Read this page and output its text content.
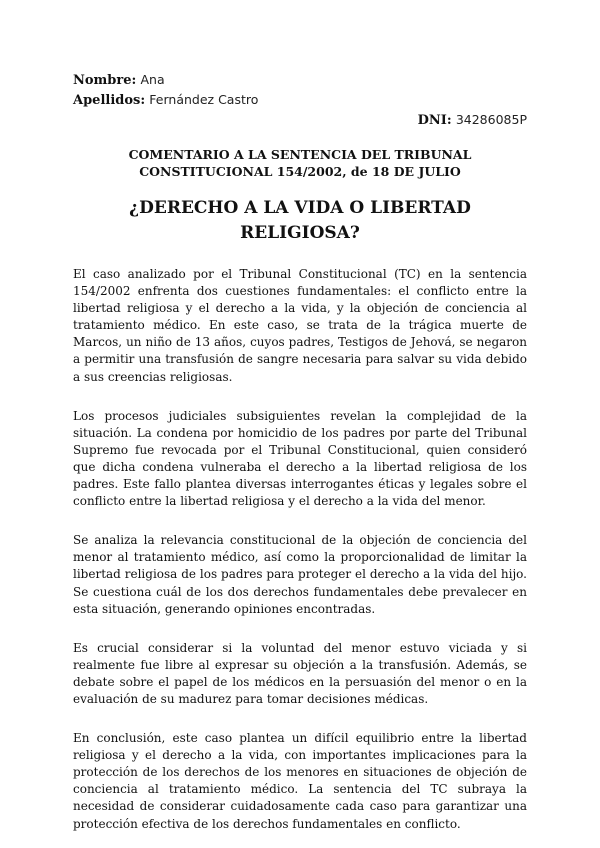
Nombre: Ana
Apellidos: Fernández Castro
DNI: 34286085P
COMENTARIO A LA SENTENCIA DEL TRIBUNAL CONSTITUCIONAL 154/2002, de 18 DE JULIO
¿DERECHO A LA VIDA O LIBERTAD RELIGIOSA?

El caso analizado por el Tribunal Constitucional (TC) en la sentencia 154/2002 enfrenta dos cuestiones fundamentales: el conflicto entre la libertad religiosa y el derecho a la vida, y la objeción de conciencia al tratamiento médico. En este caso, se trata de la trágica muerte de Marcos, un niño de 13 años, cuyos padres, Testigos de Jehová, se negaron a permitir una transfusión de sangre necesaria para salvar su vida debido a sus creencias religiosas.

Los procesos judiciales subsiguientes revelan la complejidad de la situación. La condena por homicidio de los padres por parte del Tribunal Supremo fue revocada por el Tribunal Constitucional, quien consideró que dicha condena vulneraba el derecho a la libertad religiosa de los padres. Este fallo plantea diversas interrogantes éticas y legales sobre el conflicto entre la libertad religiosa y el derecho a la vida del menor.

Se analiza la relevancia constitucional de la objeción de conciencia del menor al tratamiento médico, así como la proporcionalidad de limitar la libertad religiosa de los padres para proteger el derecho a la vida del hijo. Se cuestiona cuál de los dos derechos fundamentales debe prevalecer en esta situación, generando opiniones encontradas.

Es crucial considerar si la voluntad del menor estuvo viciada y si realmente fue libre al expresar su objeción a la transfusión. Además, se debate sobre el papel de los médicos en la persuasión del menor o en la evaluación de su madurez para tomar decisiones médicas.

En conclusión, este caso plantea un difícil equilibrio entre la libertad religiosa y el derecho a la vida, con importantes implicaciones para la protección de los derechos de los menores en situaciones de objeción de conciencia al tratamiento médico. La sentencia del TC subraya la necesidad de considerar cuidadosamente cada caso para garantizar una protección efectiva de los derechos fundamentales en conflicto.
